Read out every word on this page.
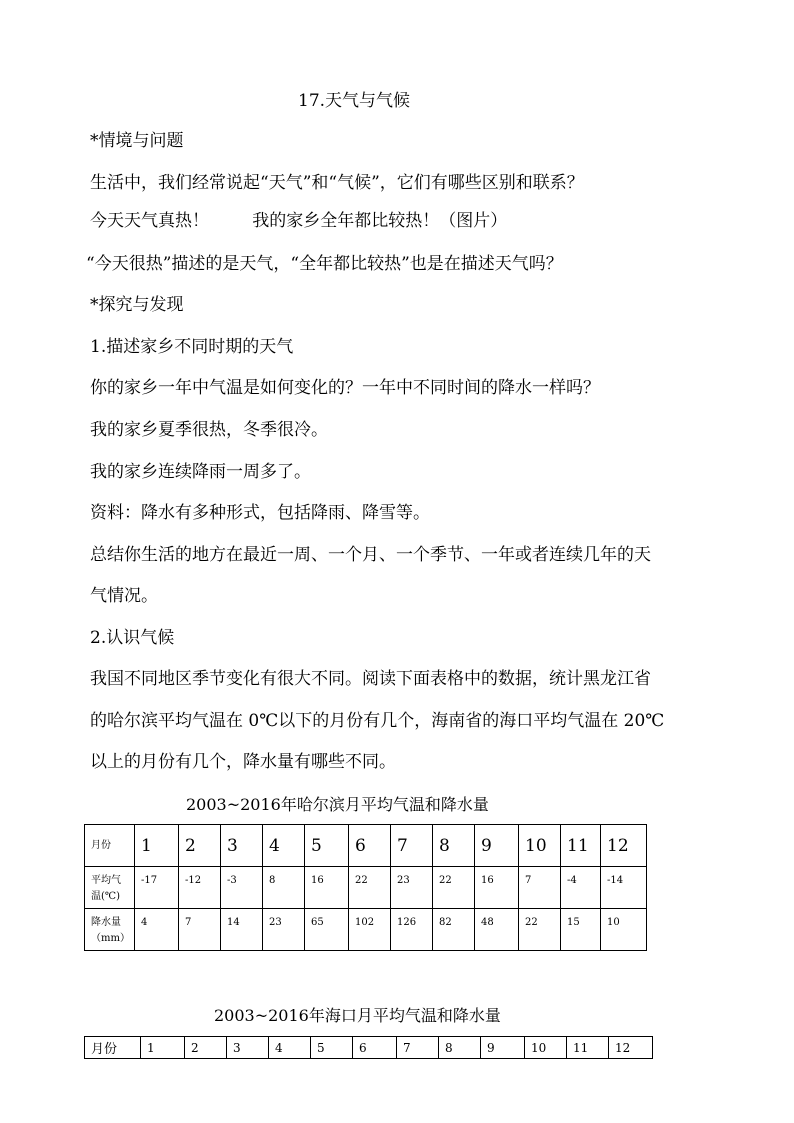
17.天气与气候
*情境与问题
生活中，我们经常说起“天气”和“气候”，它们有哪些区别和联系？
今天天气真热！        我的家乡全年都比较热！（图片）
“今天很热”描述的是天气，“全年都比较热”也是在描述天气吗？
*探究与发现
1.描述家乡不同时期的天气
你的家乡一年中气温是如何变化的？一年中不同时间的降水一样吗？
我的家乡夏季很热，冬季很冷。
我的家乡连续降雨一周多了。
资料：降水有多种形式，包括降雨、降雪等。
总结你生活的地方在最近一周、一个月、一个季节、一年或者连续几年的天
气情况。
2.认识气候
我国不同地区季节变化有很大不同。阅读下面表格中的数据，统计黑龙江省
的哈尔滨平均气温在 0℃以下的月份有几个，海南省的海口平均气温在 20℃
以上的月份有几个，降水量有哪些不同。
2003~2016年哈尔滨月平均气温和降水量
月份	1	2	3	4	5	6	7	8	9	10	11	12

平均气
温(℃)	-17	-12	-3	8	16	22	23	22	16	7	-4	-14

降水量
（mm）	4	7	14	23	65	102	126	82	48	22	15	10
2003~2016年海口月平均气温和降水量
月份	1	2	3	4	5	6	7	8	9	10	11	12
